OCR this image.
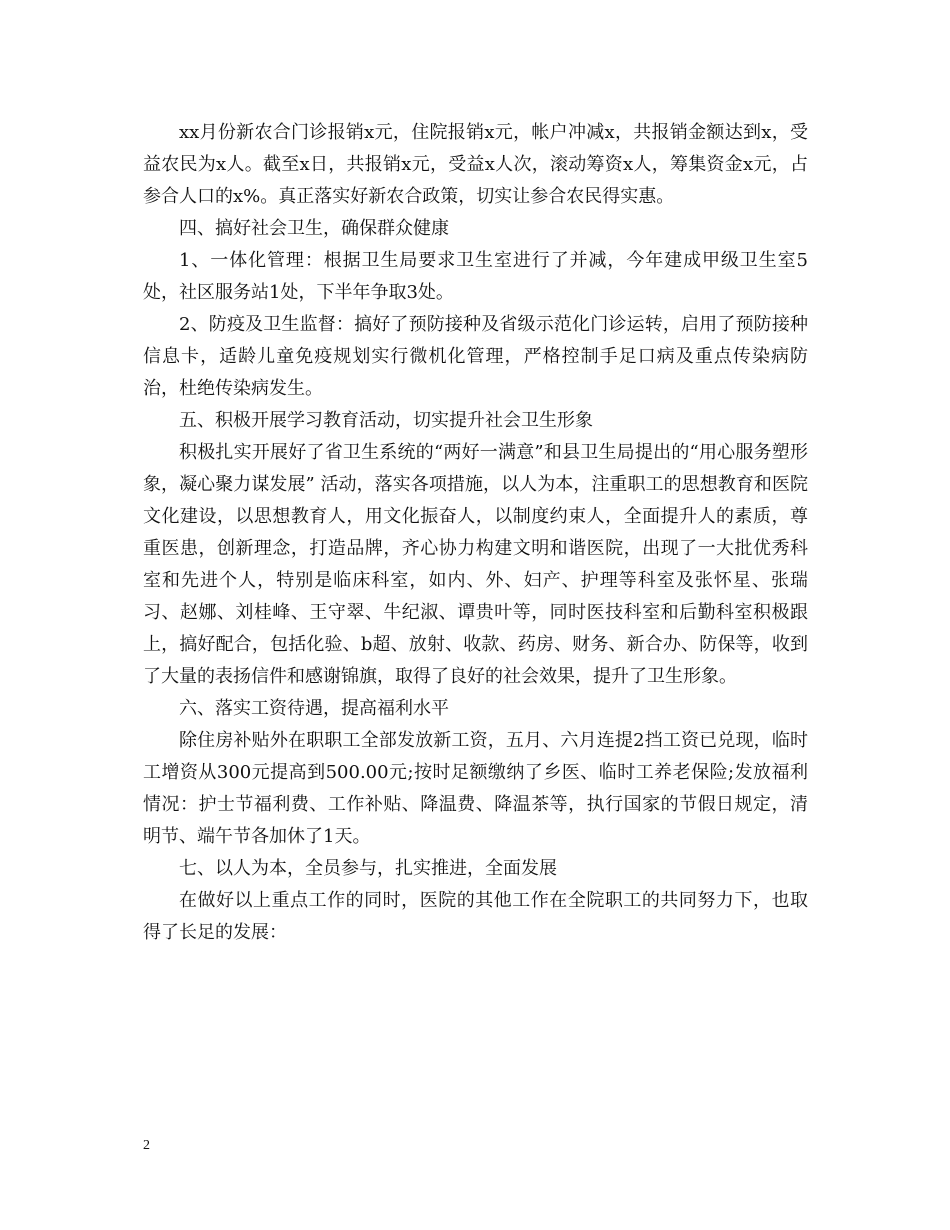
xx月份新农合门诊报销x元，住院报销x元，帐户冲减x，共报销金额达到x，受益农民为x人。截至x日，共报销x元，受益x人次，滚动筹资x人，筹集资金x元，占参合人口的x%。真正落实好新农合政策，切实让参合农民得实惠。

四、搞好社会卫生，确保群众健康

1、一体化管理：根据卫生局要求卫生室进行了并减，今年建成甲级卫生室5处，社区服务站1处，下半年争取3处。

2、防疫及卫生监督：搞好了预防接种及省级示范化门诊运转，启用了预防接种信息卡，适龄儿童免疫规划实行微机化管理，严格控制手足口病及重点传染病防治，杜绝传染病发生。

五、积极开展学习教育活动，切实提升社会卫生形象

积极扎实开展好了省卫生系统的“两好一满意”和县卫生局提出的“用心服务塑形象，凝心聚力谋发展” 活动，落实各项措施，以人为本，注重职工的思想教育和医院文化建设，以思想教育人，用文化振奋人，以制度约束人，全面提升人的素质，尊重医患，创新理念，打造品牌，齐心协力构建文明和谐医院，出现了一大批优秀科室和先进个人，特别是临床科室，如内、外、妇产、护理等科室及张怀星、张瑞习、赵娜、刘桂峰、王守翠、牛纪淑、谭贵叶等，同时医技科室和后勤科室积极跟上，搞好配合，包括化验、b超、放射、收款、药房、财务、新合办、防保等，收到了大量的表扬信件和感谢锦旗，取得了良好的社会效果，提升了卫生形象。

六、落实工资待遇，提高福利水平

除住房补贴外在职职工全部发放新工资，五月、六月连提2挡工资已兑现，临时工增资从300元提高到500.00元;按时足额缴纳了乡医、临时工养老保险;发放福利情况：护士节福利费、工作补贴、降温费、降温茶等，执行国家的节假日规定，清明节、端午节各加休了1天。

七、以人为本，全员参与，扎实推进，全面发展

在做好以上重点工作的同时，医院的其他工作在全院职工的共同努力下，也取得了长足的发展：

2
